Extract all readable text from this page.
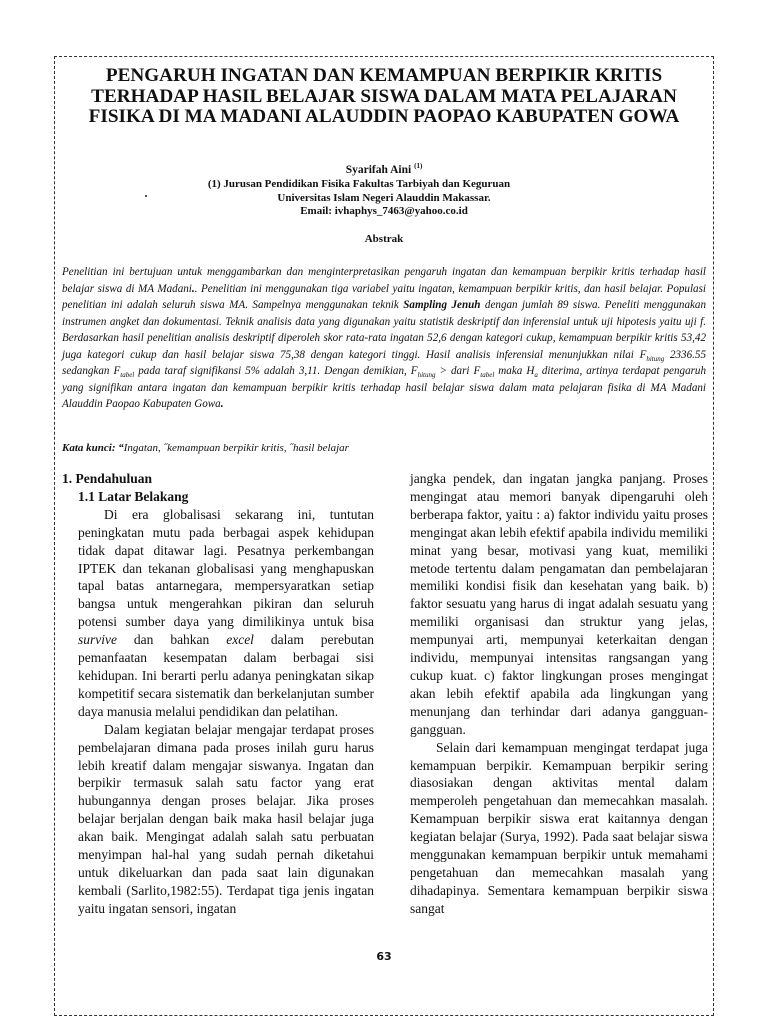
PENGARUH INGATAN DAN KEMAMPUAN BERPIKIR KRITIS TERHADAP HASIL BELAJAR SISWA DALAM MATA PELAJARAN FISIKA DI MA MADANI ALAUDDIN PAOPAO KABUPATEN GOWA

Syarifah Aini $^{(1)}$

(1) Jurusan Pendidikan Fisika Fakultas Tarbiyah dan Keguruan
Universitas Islam Negeri Alauddin Makassar.
Email: ivhaphys_7463@yahoo.co.id

Abstrak

Penelitian ini bertujuan untuk menggambarkan dan menginterpretasikan pengaruh ingatan dan kemampuan berpikir kritis terhadap hasil belajar siswa di MA Madani.. Penelitian ini menggunakan tiga variabel yaitu ingatan, kemampuan berpikir kritis, dan hasil belajar. Populasi penelitian ini adalah seluruh siswa MA. Sampelnya menggunakan teknik Sampling Jenuh dengan jumlah 89 siswa. Peneliti menggunakan instrumen angket dan dokumentasi. Teknik analisis data yang digunakan yaitu statistik deskriptif dan inferensial untuk uji hipotesis yaitu uji f. Berdasarkan hasil penelitian analisis deskriptif diperoleh skor rata-rata ingatan 52,6 dengan kategori cukup, kemampuan berpikir kritis 53,42 juga kategori cukup dan hasil belajar siswa 75,38 dengan kategori tinggi. Hasil analisis inferensial menunjukkan nilai $F_{hitung}$ 2336.55 sedangkan $F_{tabel}$ pada taraf signifikansi 5% adalah 3,11. Dengan demikian, $F_{hitung}$ > dari $F_{tabel}$ maka $H_a$ diterima, artinya terdapat pengaruh yang signifikan antara ingatan dan kemampuan berpikir kritis terhadap hasil belajar siswa dalam mata pelajaran fisika di MA Madani Alauddin Paopao Kabupaten Gowa.

Kata kunci: “Ingatan, ˝kemampuan berpikir kritis, ˝hasil belajar

1. Pendahuluan

1.1 Latar Belakang

Di era globalisasi sekarang ini, tuntutan peningkatan mutu pada berbagai aspek kehidupan tidak dapat ditawar lagi. Pesatnya perkembangan IPTEK dan tekanan globalisasi yang menghapuskan tapal batas antarnegara, mempersyaratkan setiap bangsa untuk mengerahkan pikiran dan seluruh potensi sumber daya yang dimilikinya untuk bisa survive dan bahkan excel dalam perebutan pemanfaatan kesempatan dalam berbagai sisi kehidupan. Ini berarti perlu adanya peningkatan sikap kompetitif secara sistematik dan berkelanjutan sumber daya manusia melalui pendidikan dan pelatihan.

Dalam kegiatan belajar mengajar terdapat proses pembelajaran dimana pada proses inilah guru harus lebih kreatif dalam mengajar siswanya. Ingatan dan berpikir termasuk salah satu factor yang erat hubungannya dengan proses belajar. Jika proses belajar berjalan dengan baik maka hasil belajar juga akan baik. Mengingat adalah salah satu perbuatan menyimpan hal-hal yang sudah pernah diketahui untuk dikeluarkan dan pada saat lain digunakan kembali (Sarlito,1982:55). Terdapat tiga jenis ingatan yaitu ingatan sensori, ingatan

jangka pendek, dan ingatan jangka panjang. Proses mengingat atau memori banyak dipengaruhi oleh berberapa faktor, yaitu : a) faktor individu yaitu proses mengingat akan lebih efektif apabila individu memiliki minat yang besar, motivasi yang kuat, memiliki metode tertentu dalam pengamatan dan pembelajaran memiliki kondisi fisik dan kesehatan yang baik. b) faktor sesuatu yang harus di ingat adalah sesuatu yang memiliki organisasi dan struktur yang jelas, mempunyai arti, mempunyai keterkaitan dengan individu, mempunyai intensitas rangsangan yang cukup kuat. c) faktor lingkungan proses mengingat akan lebih efektif apabila ada lingkungan yang menunjang dan terhindar dari adanya gangguan-gangguan.

Selain dari kemampuan mengingat terdapat juga kemampuan berpikir. Kemampuan berpikir sering diasosiakan dengan aktivitas mental dalam memperoleh pengetahuan dan memecahkan masalah. Kemampuan berpikir siswa erat kaitannya dengan kegiatan belajar (Surya, 1992). Pada saat belajar siswa menggunakan kemampuan berpikir untuk memahami pengetahuan dan memecahkan masalah yang dihadapinya. Sementara kemampuan berpikir siswa sangat

63
